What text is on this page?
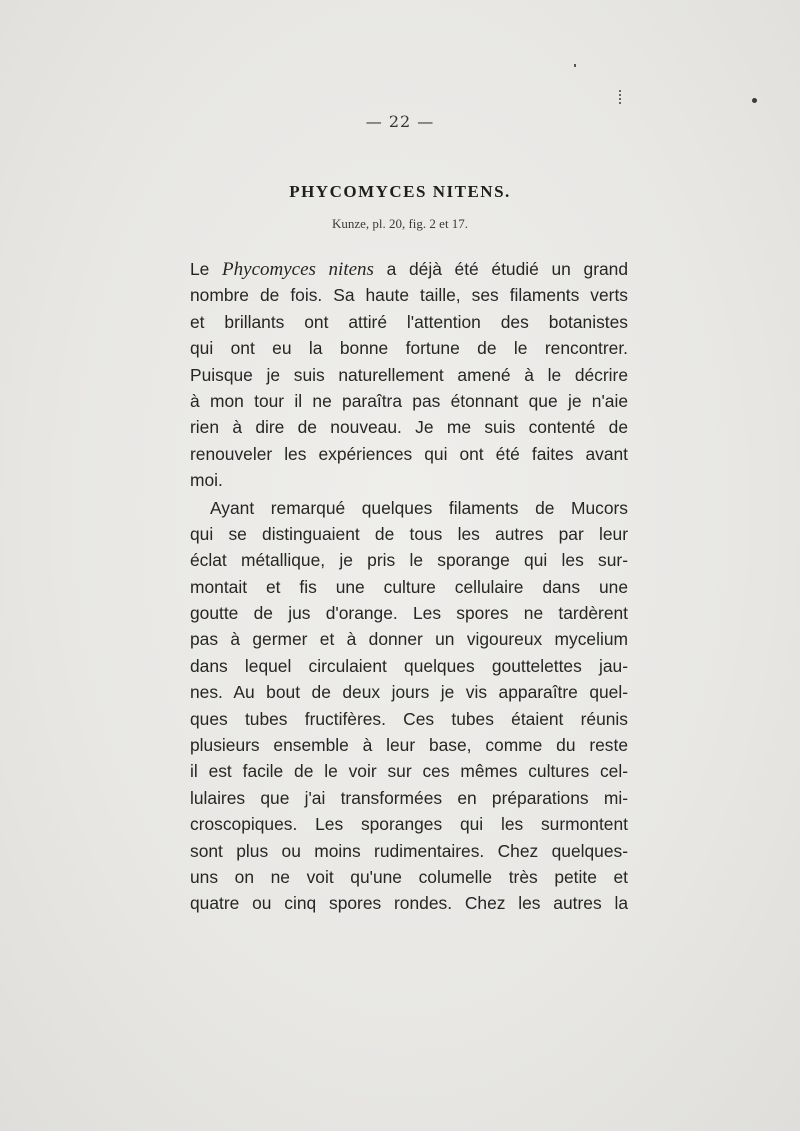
— 22 —
PHYCOMYCES NITENS.
Kunze, pl. 20, fig. 2 et 17.
Le Phycomyces nitens a déjà été étudié un grand
nombre de fois. Sa haute taille, ses filaments verts
et brillants ont attiré l'attention des botanistes
qui ont eu la bonne fortune de le rencontrer.
Puisque je suis naturellement amené à le décrire
à mon tour il ne paraîtra pas étonnant que je n'aie
rien à dire de nouveau. Je me suis contenté de
renouveler les expériences qui ont été faites avant
moi.
Ayant remarqué quelques filaments de Mucors
qui se distinguaient de tous les autres par leur
éclat métallique, je pris le sporange qui les sur-
montait et fis une culture cellulaire dans une
goutte de jus d'orange. Les spores ne tardèrent
pas à germer et à donner un vigoureux mycelium
dans lequel circulaient quelques gouttelettes jau-
nes. Au bout de deux jours je vis apparaître quel-
ques tubes fructifères. Ces tubes étaient réunis
plusieurs ensemble à leur base, comme du reste
il est facile de le voir sur ces mêmes cultures cel-
lulaires que j'ai transformées en préparations mi-
croscopiques. Les sporanges qui les surmontent
sont plus ou moins rudimentaires. Chez quelques-
uns on ne voit qu'une columelle très petite et
quatre ou cinq spores rondes. Chez les autres la
